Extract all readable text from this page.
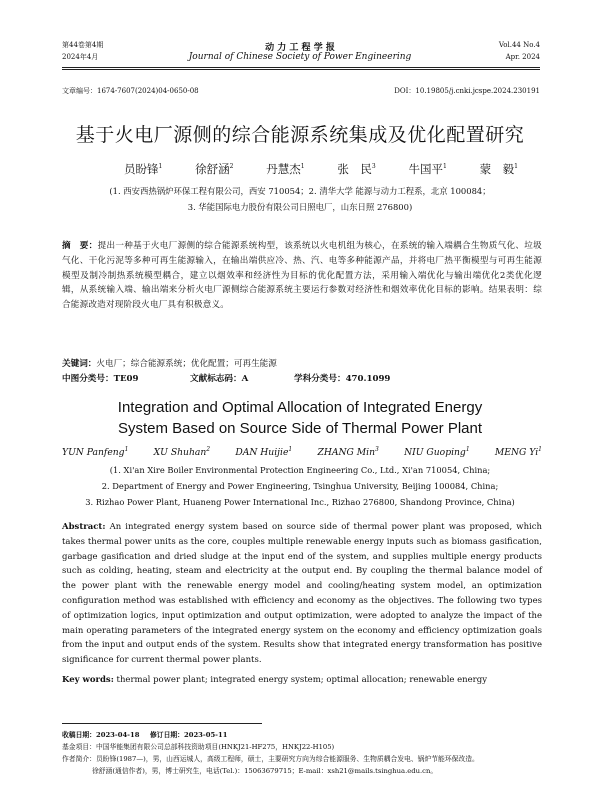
第44卷第4期
2024年4月
动 力 工 程 学 报
Journal of Chinese Society of Power Engineering
Vol.44 No.4
Apr. 2024
文章编号：1674-7607(2024)04-0650-08	DOI：10.19805/j.cnki.jcspe.2024.230191
基于火电厂源侧的综合能源系统集成及优化配置研究
员盼锋$^1$	徐舒涵$^2$	丹慧杰$^1$	张　民$^3$	牛国平$^1$	蒙　毅$^1$
(1. 西安西热锅炉环保工程有限公司，西安 710054；2. 清华大学 能源与动力工程系，北京 100084；
3. 华能国际电力股份有限公司日照电厂，山东日照 276800)
摘　要：提出一种基于火电厂源侧的综合能源系统构型，该系统以火电机组为核心，在系统的输入端耦合生物质气化、垃圾气化、干化污泥等多种可再生能源输入，在输出端供应冷、热、汽、电等多种能源产品，并将电厂热平衡模型与可再生能源模型及制冷制热系统模型耦合，建立以烟效率和经济性为目标的优化配置方法，采用输入端优化与输出端优化2类优化逻辑，从系统输入端、输出端来分析火电厂源侧综合能源系统主要运行参数对经济性和烟效率优化目标的影响。结果表明：综合能源改造对现阶段火电厂具有积极意义。
关键词：火电厂；综合能源系统；优化配置；可再生能源
中图分类号：TE09	文献标志码：A	学科分类号：470.1099
Integration and Optimal Allocation of Integrated Energy
System Based on Source Side of Thermal Power Plant
YUN Panfeng$^1$	XU Shuhan$^2$	DAN Huijie$^1$	ZHANG Min$^3$	NIU Guoping$^1$	MENG Yi$^1$
(1. Xi'an Xire Boiler Environmental Protection Engineering Co., Ltd., Xi'an 710054, China;
2. Department of Energy and Power Engineering, Tsinghua University, Beijing 100084, China;
3. Rizhao Power Plant, Huaneng Power International Inc., Rizhao 276800, Shandong Province, China)
Abstract: An integrated energy system based on source side of thermal power plant was proposed, which takes thermal power units as the core, couples multiple renewable energy inputs such as biomass gasification, garbage gasification and dried sludge at the input end of the system, and supplies multiple energy products such as colding, heating, steam and electricity at the output end. By coupling the thermal balance model of the power plant with the renewable energy model and cooling/heating system model, an optimization configuration method was established with efficiency and economy as the objectives. The following two types of optimization logics, input optimization and output optimization, were adopted to analyze the impact of the main operating parameters of the integrated energy system on the economy and efficiency optimization goals from the input and output ends of the system. Results show that integrated energy transformation has positive significance for current thermal power plants.
Key words: thermal power plant; integrated energy system; optimal allocation; renewable energy
收稿日期：2023-04-18 修订日期：2023-05-11
基金项目：中国华能集团有限公司总部科技资助项目(HNKJ21-HF275，HNKJ22-H105)
作者简介：员盼锋(1987—)，男，山西运城人，高级工程师，硕士，主要研究方向为综合能源服务、生物质耦合发电、锅炉节能环保改造。
徐舒涵(通信作者)，男，博士研究生，电话(Tel.)：15063679715；E-mail：xsh21@mails.tsinghua.edu.cn。
